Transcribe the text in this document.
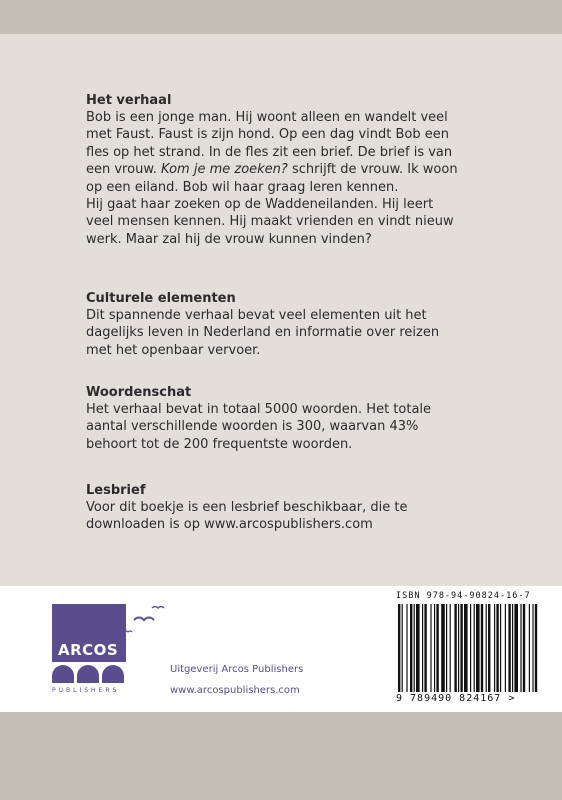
Het verhaal

Bob is een jonge man. Hij woont alleen en wandelt veel

met Faust. Faust is zijn hond. Op een dag vindt Bob een

fles op het strand. In de fles zit een brief. De brief is van

een vrouw. Kom je me zoeken? schrijft de vrouw. Ik woon

op een eiland. Bob wil haar graag leren kennen.

Hij gaat haar zoeken op de Waddeneilanden. Hij leert

veel mensen kennen. Hij maakt vrienden en vindt nieuw

werk. Maar zal hij de vrouw kunnen vinden?

Culturele elementen

Dit spannende verhaal bevat veel elementen uit het

dagelijks leven in Nederland en informatie over reizen

met het openbaar vervoer.

Woordenschat

Het verhaal bevat in totaal 5000 woorden. Het totale

aantal verschillende woorden is 300, waarvan 43%

behoort tot de 200 frequentste woorden.

Lesbrief

Voor dit boekje is een lesbrief beschikbaar, die te

downloaden is op www.arcospublishers.com

ARCOS
PUBLISHERS
Uitgeverij Arcos Publishers
www.arcospublishers.com
ISBN 978-94-90824-16-7
9 789490 824167 >
